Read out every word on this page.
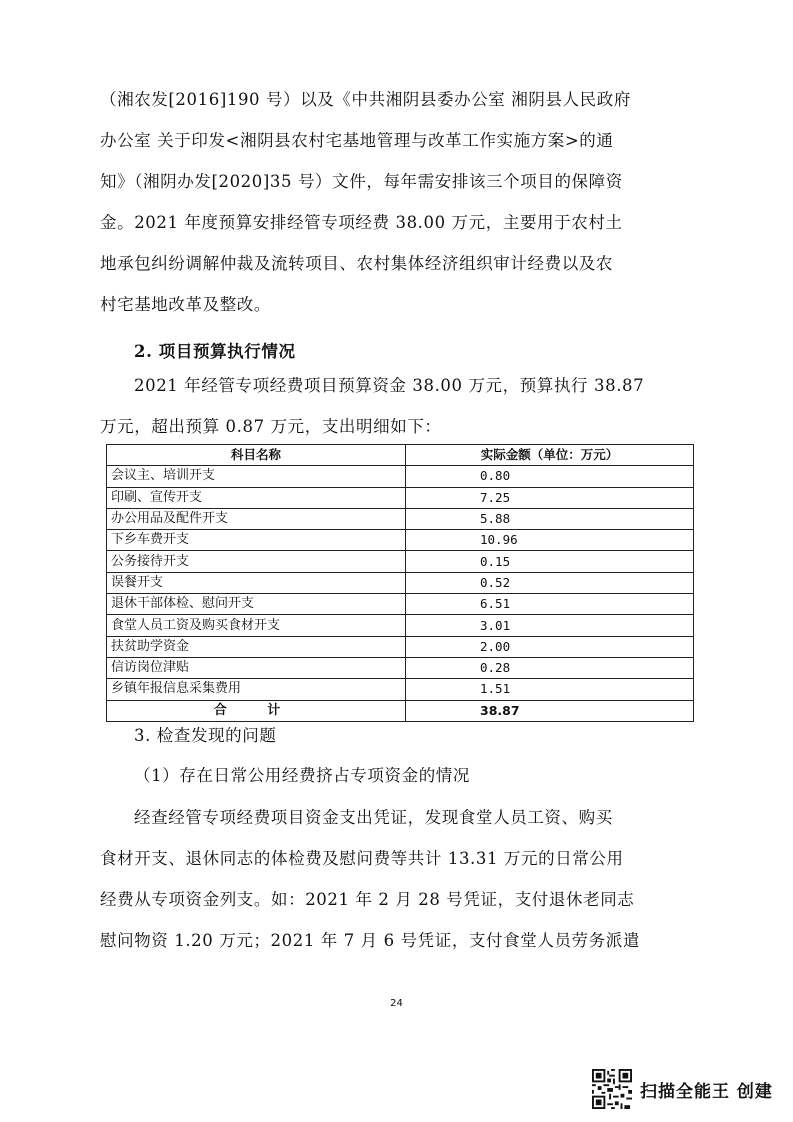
（湘农发[2016]190 号）以及《中共湘阴县委办公室 湘阴县人民政府
办公室 关于印发<湘阴县农村宅基地管理与改革工作实施方案>的通
知》（湘阴办发[2020]35 号）文件，每年需安排该三个项目的保障资
金。2021 年度预算安排经管专项经费 38.00 万元，主要用于农村土
地承包纠纷调解仲裁及流转项目、农村集体经济组织审计经费以及农
村宅基地改革及整改。

2. 项目预算执行情况

2021 年经管专项经费项目预算资金 38.00 万元，预算执行 38.87
万元，超出预算 0.87 万元，支出明细如下：
科目名称	实际金额（单位：万元）
会议主、培训开支	0.80
印刷、宣传开支	7.25
办公用品及配件开支	5.88
下乡车费开支	10.96
公务接待开支	0.15
误餐开支	0.52
退休干部体检、慰问开支	6.51
食堂人员工资及购买食材开支	3.01
扶贫助学资金	2.00
信访岗位津贴	0.28
乡镇年报信息采集费用	1.51
合 计	38.87

3. 检查发现的问题

（1）存在日常公用经费挤占专项资金的情况

经查经管专项经费项目资金支出凭证，发现食堂人员工资、购买
食材开支、退休同志的体检费及慰问费等共计 13.31 万元的日常公用
经费从专项资金列支。如：2021 年 2 月 28 号凭证，支付退休老同志
慰问物资 1.20 万元；2021 年 7 月 6 号凭证，支付食堂人员劳务派遣
24
扫描全能王 创建
